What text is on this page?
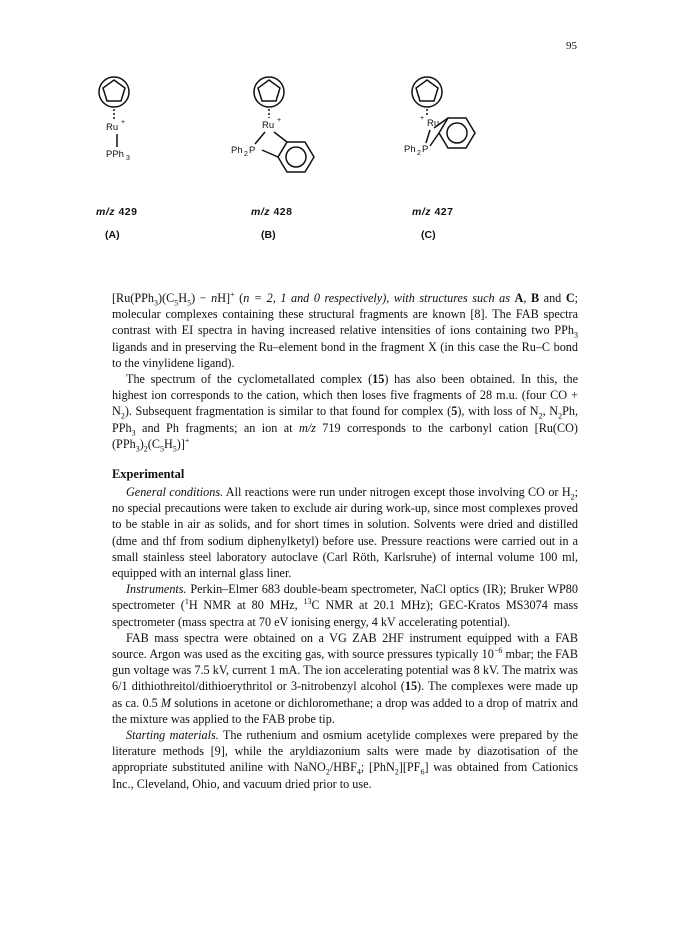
95
Ru +
PPh 3
Ru +
Ph 2 P
Ru
+
Ph 2 P
m/z 429	m/z 428	m/z 427
(A)	(B)	(C)

$[Ru(PPh_3)(C_5H_5) - nH]^+$ (n = 2, 1 and 0 respectively), with structures such as A, B and C; molecular complexes containing these structural fragments are known [8]. The FAB spectra contrast with EI spectra in having increased relative intensities of ions containing two PPh$_3$ ligands and in preserving the Ru–element bond in the fragment X (in this case the Ru–C bond to the vinylidene ligand).

The spectrum of the cyclometallated complex (15) has also been obtained. In this, the highest ion corresponds to the cation, which then loses five fragments of 28 m.u. (four CO + $N_2$). Subsequent fragmentation is similar to that found for complex (5), with loss of $N_2$, $N_2Ph$, PPh$_3$ and Ph fragments; an ion at m/z 719 corresponds to the carbonyl cation $[Ru(CO)(PPh_3)_2(C_5H_5)]^+$

Experimental

General conditions. All reactions were run under nitrogen except those involving CO or $H_2$; no special precautions were taken to exclude air during work-up, since most complexes proved to be stable in air as solids, and for short times in solution. Solvents were dried and distilled (dme and thf from sodium diphenylketyl) before use. Pressure reactions were carried out in a small stainless steel laboratory autoclave (Carl Röth, Karlsruhe) of internal volume 100 ml, equipped with an internal glass liner.

Instruments. Perkin–Elmer 683 double-beam spectrometer, NaCl optics (IR); Bruker WP80 spectrometer ($^1$H NMR at 80 MHz, $^{13}$C NMR at 20.1 MHz); GEC-Kratos MS3074 mass spectrometer (mass spectra at 70 eV ionising energy, 4 kV accelerating potential).

FAB mass spectra were obtained on a VG ZAB 2HF instrument equipped with a FAB source. Argon was used as the exciting gas, with source pressures typically $10^{-6}$ mbar; the FAB gun voltage was 7.5 kV, current 1 mA. The ion accelerating potential was 8 kV. The matrix was 6/1 dithiothreitol/dithioerythritol or 3-nitrobenzyl alcohol (15). The complexes were made up as ca. 0.5 M solutions in acetone or dichloromethane; a drop was added to a drop of matrix and the mixture was applied to the FAB probe tip.

Starting materials. The ruthenium and osmium acetylide complexes were prepared by the literature methods [9], while the aryldiazonium salts were made by diazotisation of the appropriate substituted aniline with $NaNO_2/HBF_4$; $[PhN_2][PF_6]$ was obtained from Cationics Inc., Cleveland, Ohio, and vacuum dried prior to use.
